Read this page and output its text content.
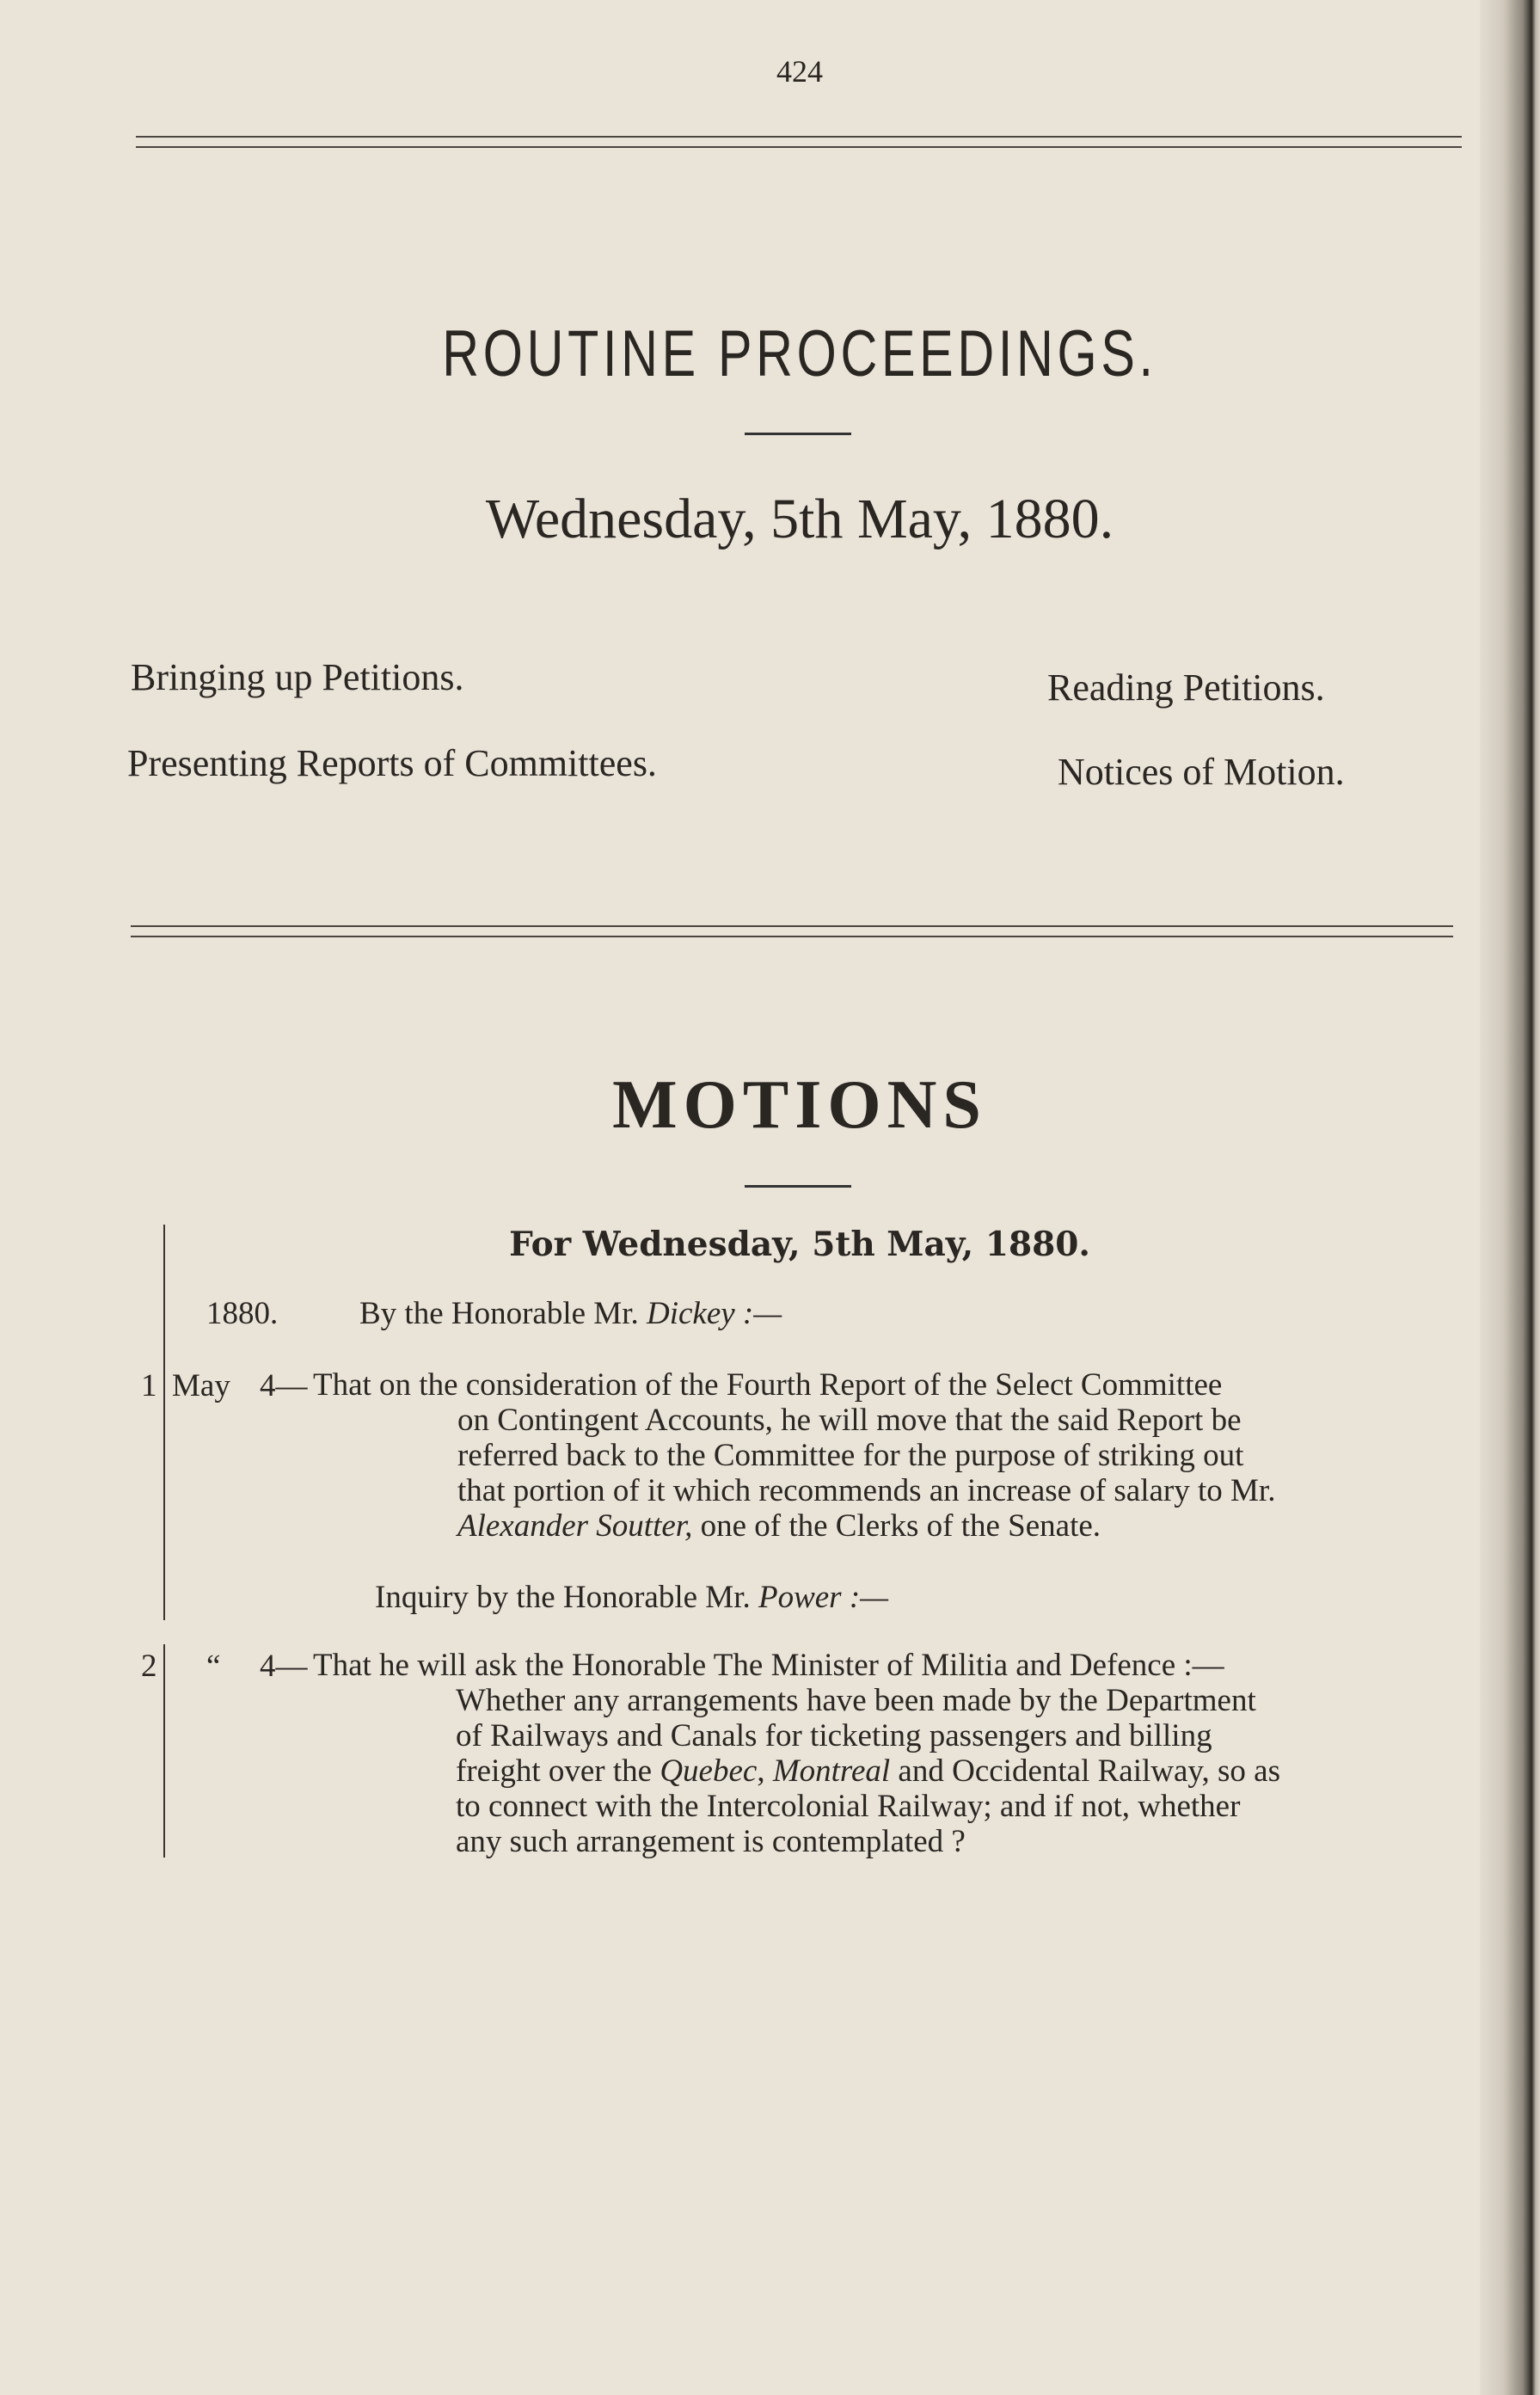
424
ROUTINE PROCEEDINGS.
Wednesday, 5th May, 1880.
Bringing up Petitions.	Reading Petitions.
Presenting Reports of Committees.	Notices of Motion.
MOTIONS
For Wednesday, 5th May, 1880.
1880.	By the Honorable Mr. Dickey :—
1 May 4— That on the consideration of the Fourth Report of the Select Committee
on Contingent Accounts, he will move that the said Report be
referred back to the Committee for the purpose of striking out
that portion of it which recommends an increase of salary to Mr.
Alexander Soutter, one of the Clerks of the Senate.
Inquiry by the Honorable Mr. Power :—
2 “ 4— That he will ask the Honorable The Minister of Militia and Defence :—
Whether any arrangements have been made by the Department
of Railways and Canals for ticketing passengers and billing
freight over the Quebec, Montreal and Occidental Railway, so as
to connect with the Intercolonial Railway; and if not, whether
any such arrangement is contemplated ?
